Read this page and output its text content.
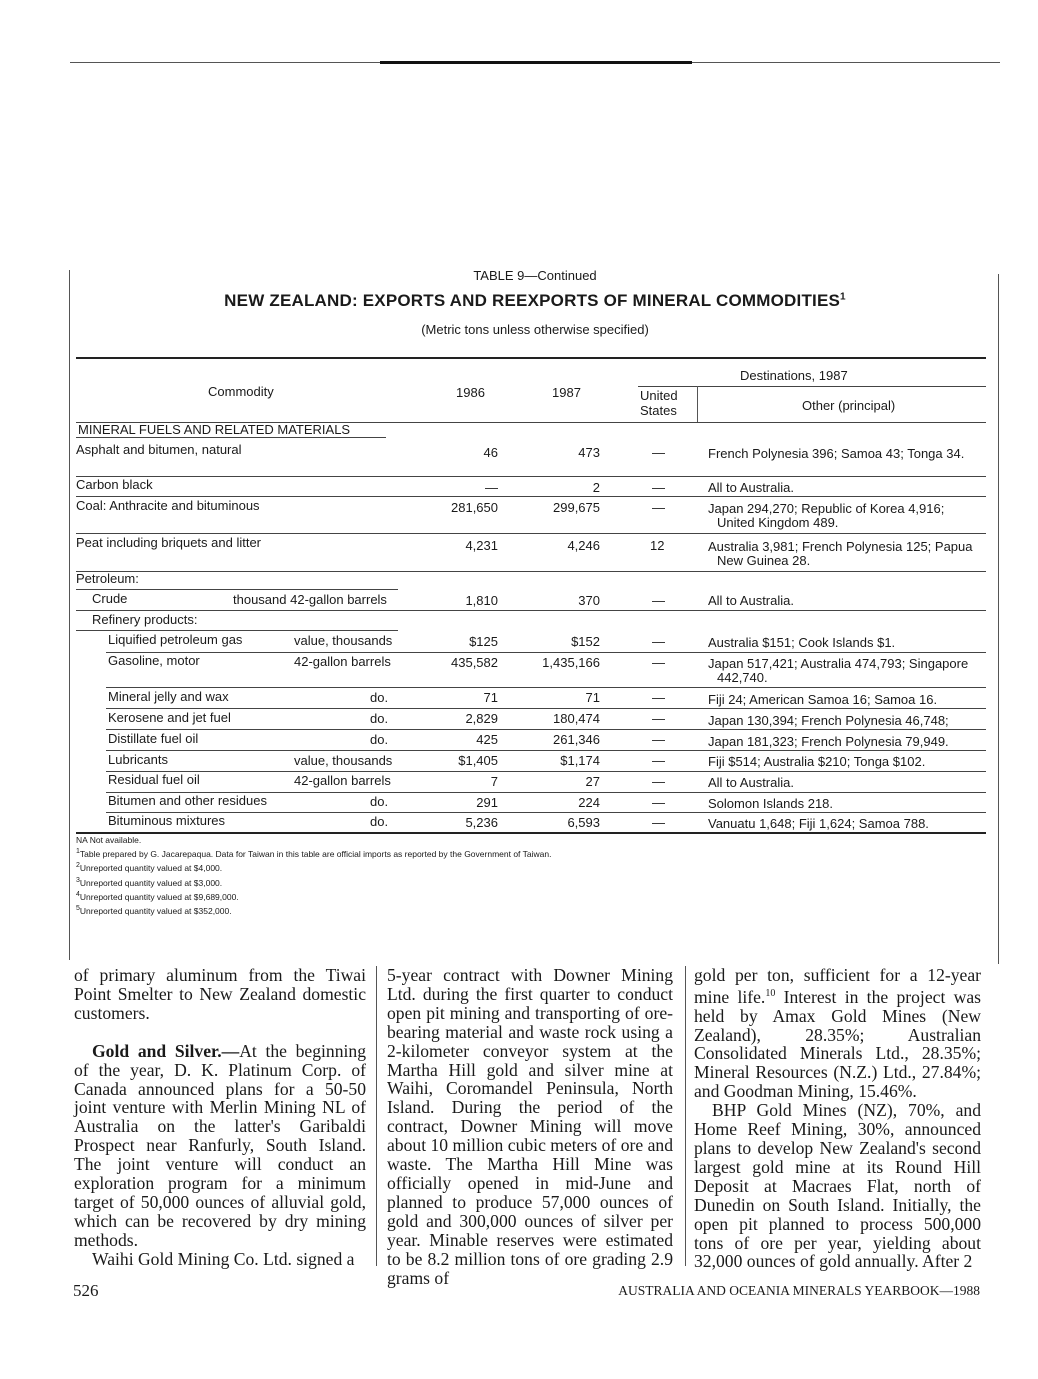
TABLE 9—Continued
NEW ZEALAND: EXPORTS AND REEXPORTS OF MINERAL COMMODITIES$^1$
(Metric tons unless otherwise specified)
Commodity	1986	1987
Destinations, 1987
United States	Other (principal)
MINERAL FUELS AND RELATED MATERIALS
Asphalt and bitumen, natural	46	473	—	French Polynesia 396; Samoa 43; Tonga 34.
Carbon black	—	2	—	All to Australia.
Coal: Anthracite and bituminous	281,650	299,675	—	Japan 294,270; Republic of Korea 4,916; United Kingdom 489.
Peat including briquets and litter	4,231	4,246	12	Australia 3,981; French Polynesia 125; Papua New Guinea 28.
Petroleum:
Crude	thousand 42-gallon barrels	1,810	370	—	All to Australia.
Refinery products:
Liquified petroleum gas	value, thousands	$125	$152	—	Australia $151; Cook Islands $1.
Gasoline, motor	42-gallon barrels	435,582	1,435,166	—	Japan 517,421; Australia 474,793; Singapore 442,740.
Mineral jelly and wax	do.	71	71	—	Fiji 24; American Samoa 16; Samoa 16.
Kerosene and jet fuel	do.	2,829	180,474	—	Japan 130,394; French Polynesia 46,748;
Distillate fuel oil	do.	425	261,346	—	Japan 181,323; French Polynesia 79,949.
Lubricants	value, thousands	$1,405	$1,174	—	Fiji $514; Australia $210; Tonga $102.
Residual fuel oil	42-gallon barrels	7	27	—	All to Australia.
Bitumen and other residues	do.	291	224	—	Solomon Islands 218.
Bituminous mixtures	do.	5,236	6,593	—	Vanuatu 1,648; Fiji 1,624; Samoa 788.
NA Not available.
$^1$Table prepared by G. Jacarepaqua. Data for Taiwan in this table are official imports as reported by the Government of Taiwan.
$^2$Unreported quantity valued at $4,000.
$^3$Unreported quantity valued at $3,000.
$^4$Unreported quantity valued at $9,689,000.
$^5$Unreported quantity valued at $352,000.

of primary aluminum from the Tiwai Point Smelter to New Zealand domestic customers.

Gold and Silver.—At the beginning of the year, D. K. Platinum Corp. of Canada announced plans for a 50-50 joint venture with Merlin Mining NL of Australia on the latter's Garibaldi Prospect near Ranfurly, South Island. The joint venture will conduct an exploration program for a minimum target of 50,000 ounces of alluvial gold, which can be recovered by dry mining methods.

Waihi Gold Mining Co. Ltd. signed a

5-year contract with Downer Mining Ltd. during the first quarter to conduct open pit mining and transporting of ore-bearing material and waste rock using a 2-kilometer conveyor system at the Martha Hill gold and silver mine at Waihi, Coromandel Peninsula, North Island. During the period of the contract, Downer Mining will move about 10 million cubic meters of ore and waste. The Martha Hill Mine was officially opened in mid-June and planned to produce 57,000 ounces of gold and 300,000 ounces of silver per year. Minable reserves were estimated to be 8.2 million tons of ore grading 2.9 grams of

gold per ton, sufficient for a 12-year mine life.$^{10}$ Interest in the project was held by Amax Gold Mines (New Zealand), 28.35%; Australian Consolidated Minerals Ltd., 28.35%; Mineral Resources (N.Z.) Ltd., 27.84%; and Goodman Mining, 15.46%.

BHP Gold Mines (NZ), 70%, and Home Reef Mining, 30%, announced plans to develop New Zealand's second largest gold mine at its Round Hill Deposit at Macraes Flat, north of Dunedin on South Island. Initially, the open pit planned to process 500,000 tons of ore per year, yielding about 32,000 ounces of gold annually. After 2

526	AUSTRALIA AND OCEANIA MINERALS YEARBOOK—1988
